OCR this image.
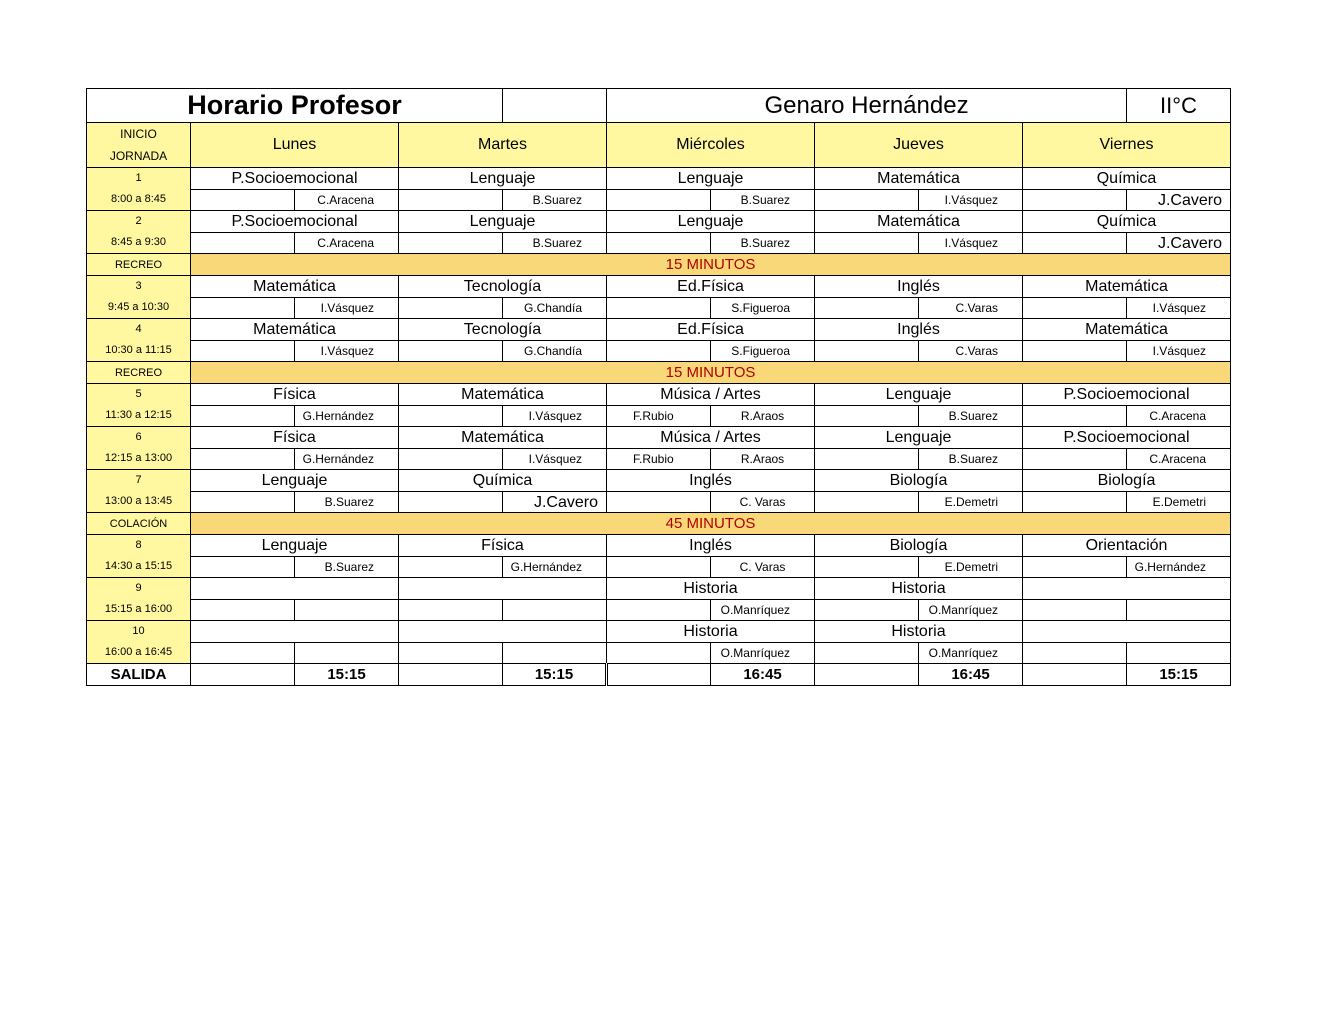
Horario Profesor					Genaro Hernández					II°C
INICIO
JORNADA	Lunes		Martes		Miércoles		Jueves		Viernes	
1
8:00 a 8:45	P.Socioemocional		Lenguaje		Lenguaje		Matemática		Química	
		C.Aracena		B.Suarez		B.Suarez		I.Vásquez		J.Cavero
2
8:45 a 9:30	P.Socioemocional		Lenguaje		Lenguaje		Matemática		Química	
		C.Aracena		B.Suarez		B.Suarez		I.Vásquez		J.Cavero
RECREO	15 MINUTOS									
3
9:45 a 10:30	Matemática		Tecnología		Ed.Física		Inglés		Matemática	
		I.Vásquez		G.Chandía		S.Figueroa		C.Varas		I.Vásquez
4
10:30 a 11:15	Matemática		Tecnología		Ed.Física		Inglés		Matemática	
		I.Vásquez		G.Chandía		S.Figueroa		C.Varas		I.Vásquez
RECREO	15 MINUTOS									
5
11:30 a 12:15	Física		Matemática		Música / Artes		Lenguaje		P.Socioemocional	
		G.Hernández		I.Vásquez	F.Rubio	R.Araos		B.Suarez		C.Aracena
6
12:15 a 13:00	Física		Matemática		Música / Artes		Lenguaje		P.Socioemocional	
		G.Hernández		I.Vásquez	F.Rubio	R.Araos		B.Suarez		C.Aracena
7
13:00 a 13:45	Lenguaje		Química		Inglés		Biología		Biología	
		B.Suarez		J.Cavero		C. Varas		E.Demetri		E.Demetri
COLACIÓN	45 MINUTOS									
8
14:30 a 15:15	Lenguaje		Física		Inglés		Biología		Orientación	
		B.Suarez		G.Hernández		C. Varas		E.Demetri		G.Hernández
9
15:15 a 16:00					Historia		Historia			
						O.Manríquez		O.Manríquez		
10
16:00 a 16:45					Historia		Historia			
						O.Manríquez		O.Manríquez		
SALIDA		15:15		15:15		16:45		16:45		15:15
